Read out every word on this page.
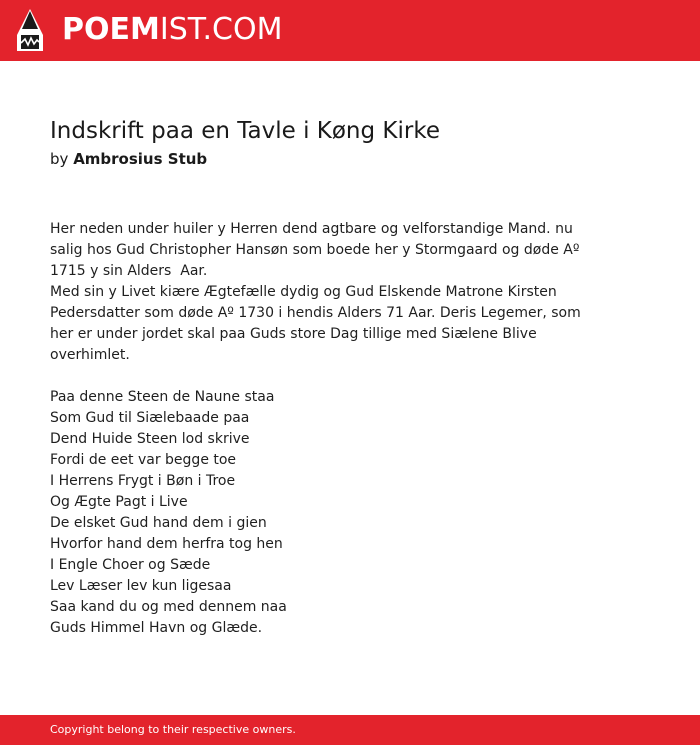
POEMIST.COM
Indskrift paa en Tavle i Køng Kirke
by Ambrosius Stub
Her neden under huiler y Herren dend agtbare og velforstandige Mand. nu
salig hos Gud Christopher Hansøn som boede her y Stormgaard og døde Aº
1715 y sin Alders  Aar.
Med sin y Livet kiære Ægtefælle dydig og Gud Elskende Matrone Kirsten
Pedersdatter som døde Aº 1730 i hendis Alders 71 Aar. Deris Legemer, som
her er under jordet skal paa Guds store Dag tillige med Siælene Blive
overhimlet.
Paa denne Steen de Naune staa
Som Gud til Siælebaade paa
Dend Huide Steen lod skrive
Fordi de eet var begge toe
I Herrens Frygt i Bøn i Troe
Og Ægte Pagt i Live
De elsket Gud hand dem i gien
Hvorfor hand dem herfra tog hen
I Engle Choer og Sæde
Lev Læser lev kun ligesaa
Saa kand du og med dennem naa
Guds Himmel Havn og Glæde.
Copyright belong to their respective owners.
